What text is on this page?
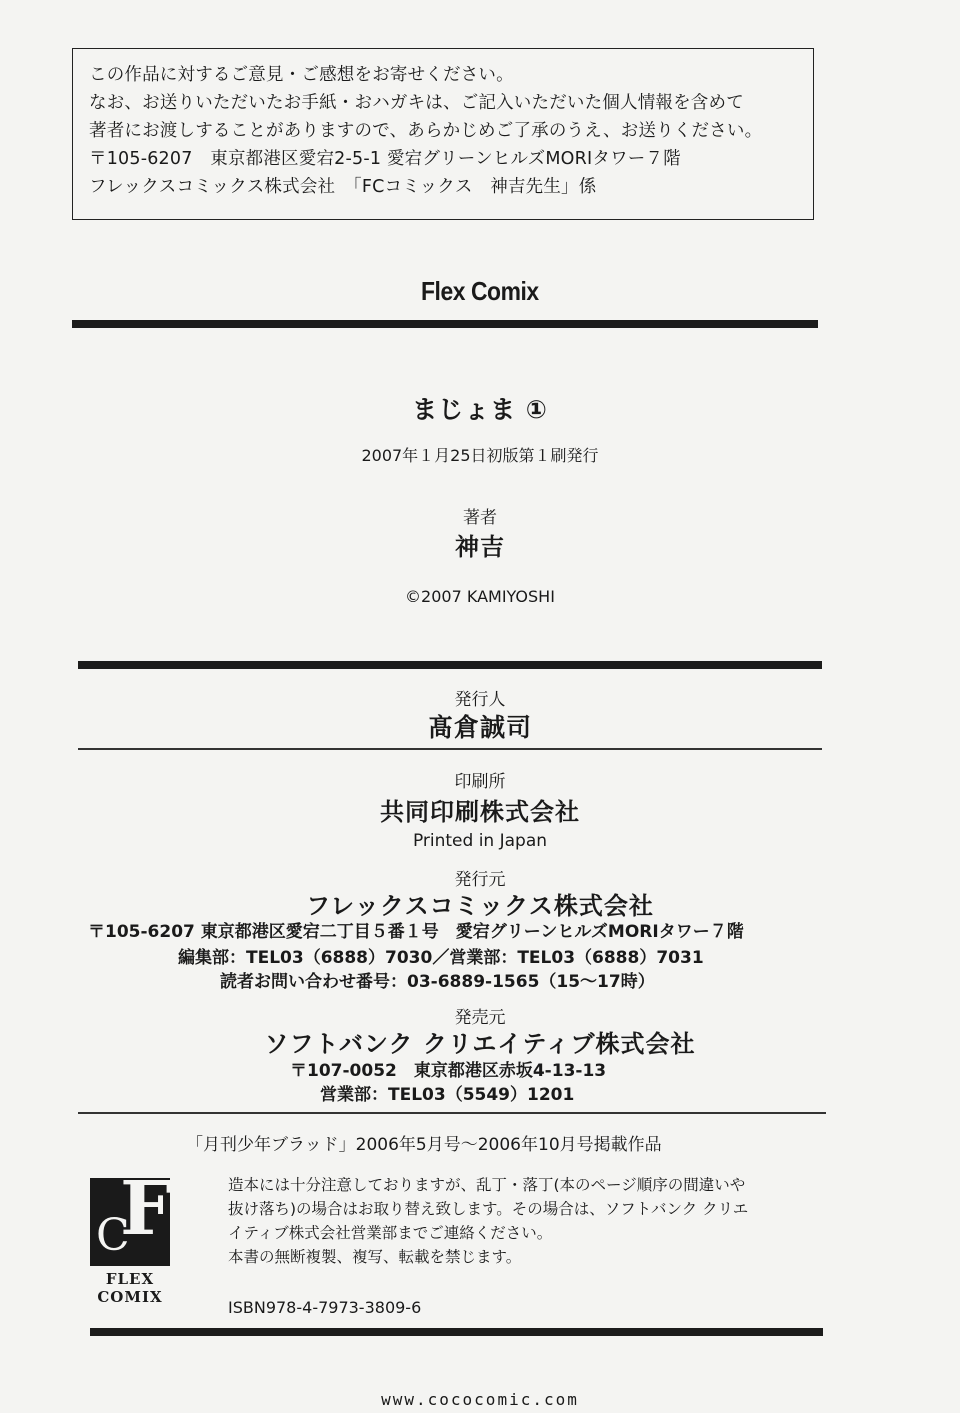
この作品に対するご意見・ご感想をお寄せください。
なお、お送りいただいたお手紙・おハガキは、ご記入いただいた個人情報を含めて
著者にお渡しすることがありますので、あらかじめご了承のうえ、お送りください。
〒105-6207　東京都港区愛宕2-5-1 愛宕グリーンヒルズMORIタワー７階
フレックスコミックス株式会社　「FCコミックス　神吉先生」係
Flex Comix
まじょま ①
2007年１月25日初版第１刷発行
著者
神吉
©2007 KAMIYOSHI
発行人
髙倉誠司
印刷所
共同印刷株式会社
Printed in Japan
発行元
フレックスコミックス株式会社
〒105-6207 東京都港区愛宕二丁目５番１号　愛宕グリーンヒルズMORIタワー７階
編集部：TEL03（6888）7030／営業部：TEL03（6888）7031
読者お問い合わせ番号：03-6889-1565（15〜17時）
発売元
ソフトバンク クリエイティブ株式会社
〒107-0052　東京都港区赤坂4-13-13
営業部：TEL03（5549）1201
「月刊少年ブラッド」2006年5月号〜2006年10月号掲載作品
F
C
FLEX
COMIX
造本には十分注意しておりますが、乱丁・落丁(本のページ順序の間違いや
抜け落ち)の場合はお取り替え致します。その場合は、ソフトバンク クリエ
イティブ株式会社営業部までご連絡ください。
本書の無断複製、複写、転載を禁じます。
ISBN978-4-7973-3809-6
www.cococomic.com
